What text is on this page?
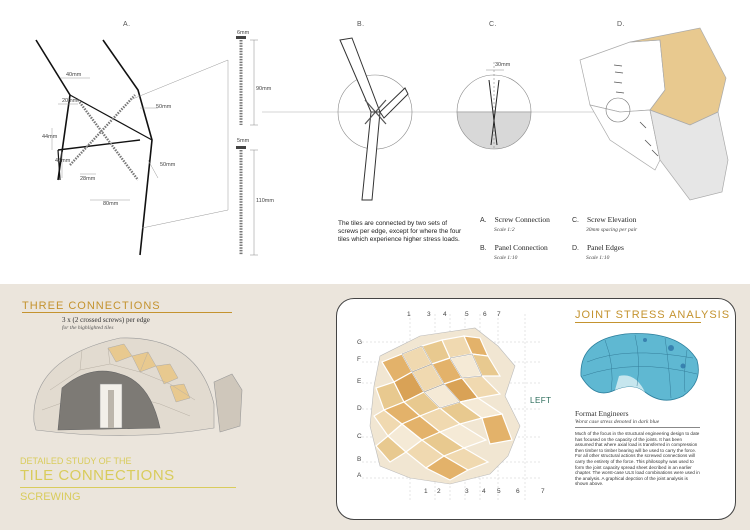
A.	B.	C.	D.
6mm
90mm
5mm
110mm
40mm
20mm
44mm
48mm
28mm
80mm
50mm
50mm
30mm
The tiles are connected by two sets of screws per edge, except for where the four tiles which experience higher stress loads.
A. Screw Connection
Scale 1:2
B. Panel Connection
Scale 1:10
C. Screw Elevation
30mm spacing per pair
D. Panel Edges
Scale 1:10
THREE CONNECTIONS
3 x (2 crossed screws) per edge
for the highlighted tiles
DETAILED STUDY OF THE
TILE CONNECTIONS
SCREWING
G
F
E
D
C
B
A
1	3 4	5 6 7
1 2	3 4 5 6	7
LEFT
JOINT STRESS ANALYSIS
Format Engineers
Worst case stress denoted in dark blue
Much of the focus in the structural engineering design to date has focused on the capacity of the joints. It has been assumed that where axial load is transferred in compression then timber to timber bearing will be used to carry the force. For all other structural actions the screwed connections will carry the entirety of the force. This philosophy was used to form the joint capacity spread sheet decribed in an earlier chapter. The worst-case ULS load combinations were used in the analysis. A graphical depction of the joint analysis is shown above.
